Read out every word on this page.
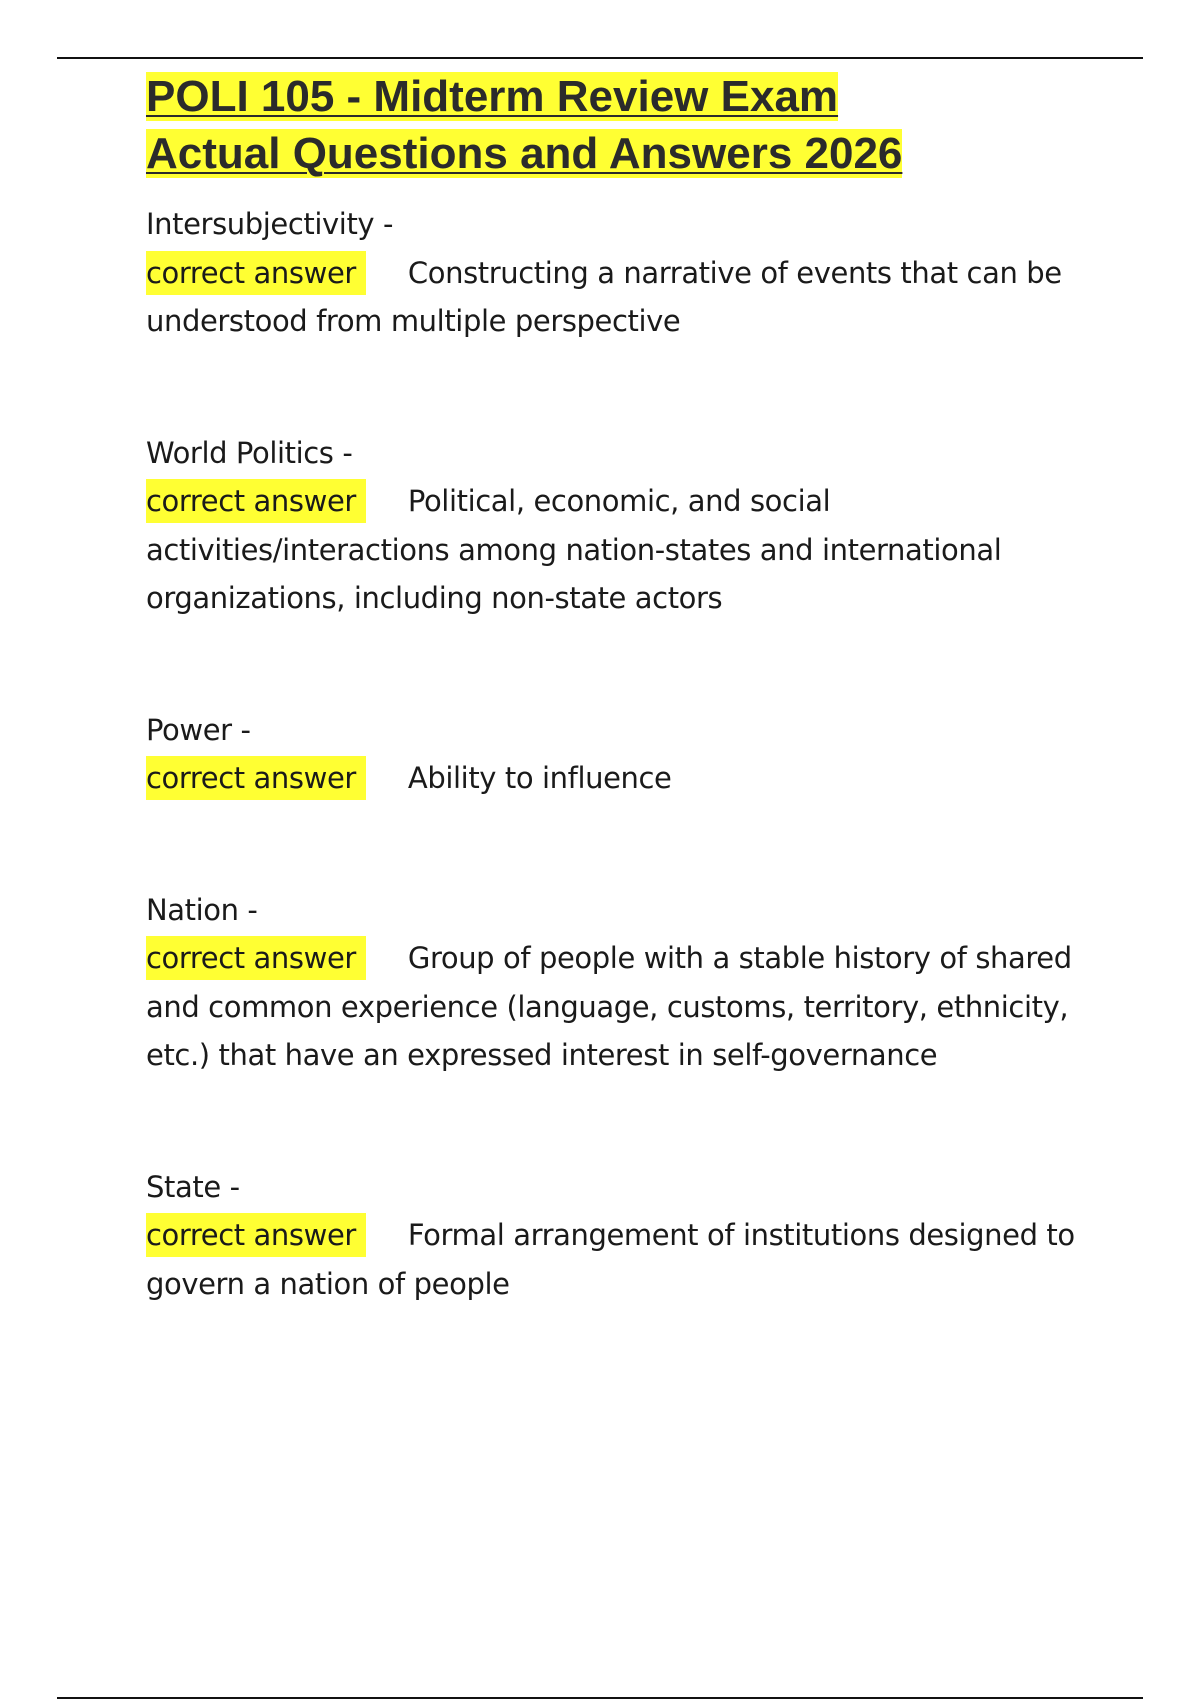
POLI 105 - Midterm Review Exam
Actual Questions and Answers 2026
Intersubjectivity -
correct answer Constructing a narrative of events that can be understood from multiple perspective
World Politics -
correct answer Political, economic, and social activities/interactions among nation-states and international organizations, including non-state actors
Power -
correct answer Ability to influence
Nation -
correct answer Group of people with a stable history of shared and common experience (language, customs, territory, ethnicity, etc.) that have an expressed interest in self-governance
State -
correct answer Formal arrangement of institutions designed to govern a nation of people
